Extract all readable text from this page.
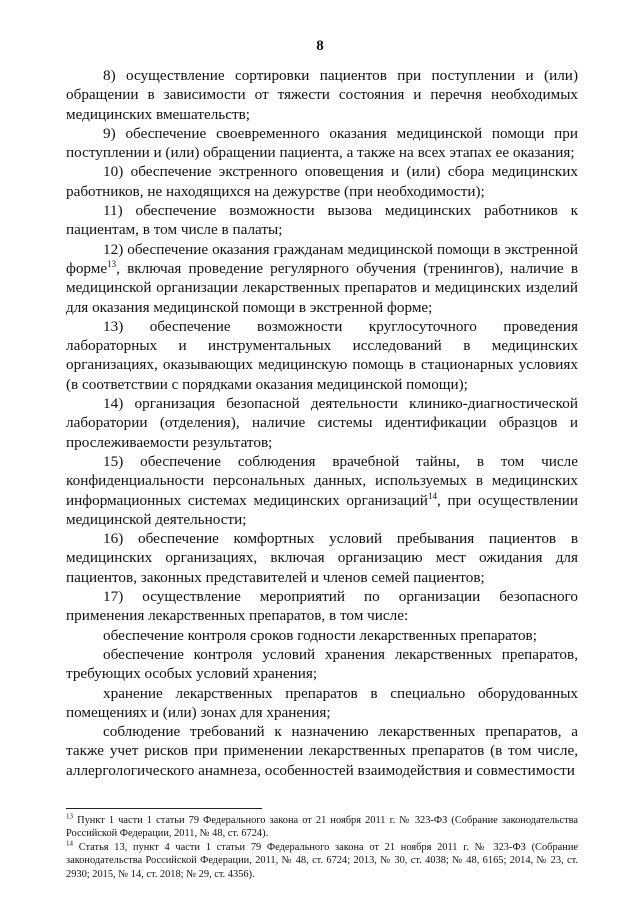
8

8) осуществление сортировки пациентов при поступлении и (или) обращении в зависимости от тяжести состояния и перечня необходимых медицинских вмешательств;

9) обеспечение своевременного оказания медицинской помощи при поступлении и (или) обращении пациента, а также на всех этапах ее оказания;

10) обеспечение экстренного оповещения и (или) сбора медицинских работников, не находящихся на дежурстве (при необходимости);

11) обеспечение возможности вызова медицинских работников к пациентам, в том числе в палаты;

12) обеспечение оказания гражданам медицинской помощи в экстренной форме$^{13}$, включая проведение регулярного обучения (тренингов), наличие в медицинской организации лекарственных препаратов и медицинских изделий для оказания медицинской помощи в экстренной форме;

13) обеспечение возможности круглосуточного проведения лабораторных и инструментальных исследований в медицинских организациях, оказывающих медицинскую помощь в стационарных условиях (в соответствии с порядками оказания медицинской помощи);

14) организация безопасной деятельности клинико-диагностической лаборатории (отделения), наличие системы идентификации образцов и прослеживаемости результатов;

15) обеспечение соблюдения врачебной тайны, в том числе конфиденциальности персональных данных, используемых в медицинских информационных системах медицинских организаций$^{14}$, при осуществлении медицинской деятельности;

16) обеспечение комфортных условий пребывания пациентов в медицинских организациях, включая организацию мест ожидания для пациентов, законных представителей и членов семей пациентов;

17) осуществление мероприятий по организации безопасного применения лекарственных препаратов, в том числе:

обеспечение контроля сроков годности лекарственных препаратов;

обеспечение контроля условий хранения лекарственных препаратов, требующих особых условий хранения;

хранение лекарственных препаратов в специально оборудованных помещениях и (или) зонах для хранения;

соблюдение требований к назначению лекарственных препаратов, а также учет рисков при применении лекарственных препаратов (в том числе, аллергологического анамнеза, особенностей взаимодействия и совместимости

$^{13}$ Пункт 1 части 1 статьи 79 Федерального закона от 21 ноября 2011 г. № 323-ФЗ (Собрание законодательства Российской Федерации, 2011, № 48, ст. 6724).

$^{14}$ Статья 13, пункт 4 части 1 статьи 79 Федерального закона от 21 ноября 2011 г. № 323-ФЗ (Собрание законодательства Российской Федерации, 2011, № 48, ст. 6724; 2013, № 30, ст. 4038; № 48, 6165; 2014, № 23, ст. 2930; 2015, № 14, ст. 2018; № 29, ст. 4356).
